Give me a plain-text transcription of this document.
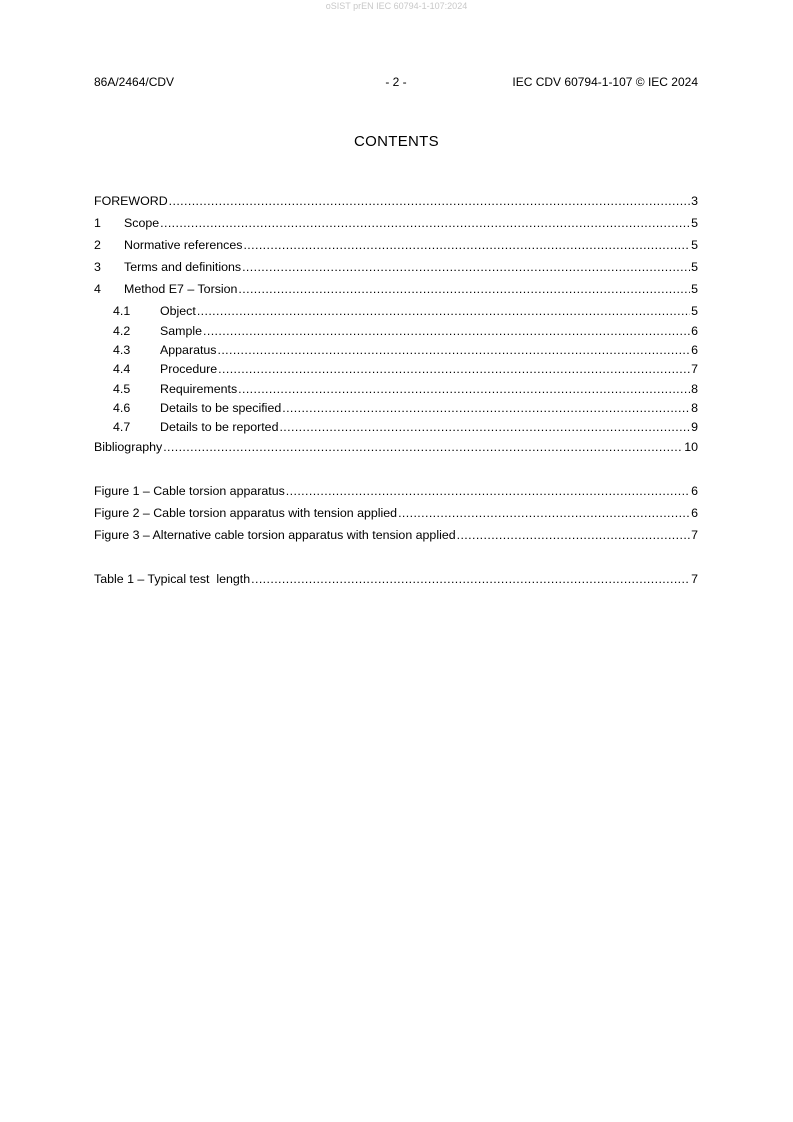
oSIST prEN IEC 60794-1-107:2024
86A/2464/CDV	- 2 -	IEC CDV 60794-1-107 © IEC 2024
CONTENTS
FOREWORD .....	3
1	Scope .....	5
2	Normative references .....	5
3	Terms and definitions .....	5
4	Method E7 – Torsion .....	5
4.1	Object .....	5
4.2	Sample .....	6
4.3	Apparatus .....	6
4.4	Procedure .....	7
4.5	Requirements .....	8
4.6	Details to be specified .....	8
4.7	Details to be reported .....	9
Bibliography .....	10
Figure 1 – Cable torsion apparatus .....	6
Figure 2 – Cable torsion apparatus with tension applied .....	6
Figure 3 – Alternative cable torsion apparatus with tension applied .....	7
Table 1 – Typical test  length .....	7
